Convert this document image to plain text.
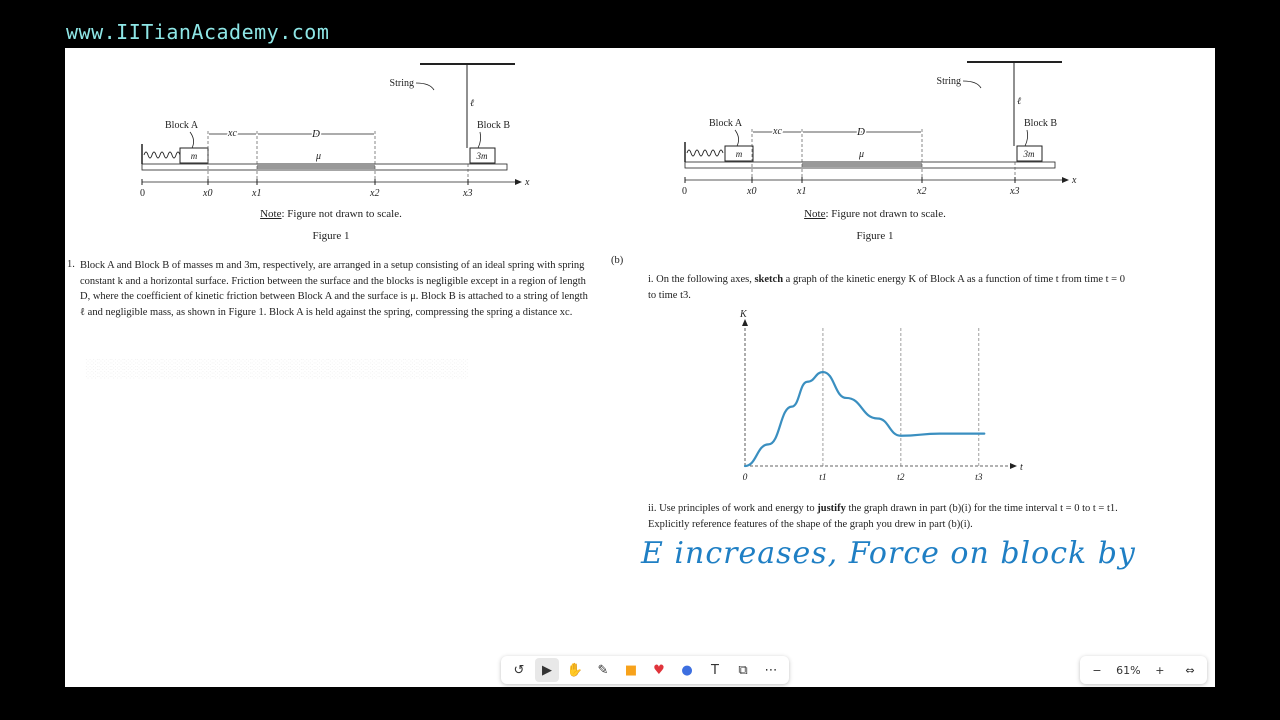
www.IITianAcademy.com
░░░░░░░░░░░░░░░░░░░░░░░░░░░░░░
String
ℓ
Block B
3m
Block A
m	μ
xc	D
x
0	x0	x1	x2	x3
Note: Figure not drawn to scale.
Figure 1
1. Block A and Block B of masses m and 3m, respectively, are arranged in a setup consisting of an ideal spring with spring constant k and a horizontal surface. Friction between the surface and the blocks is negligible except in a region of length D, where the coefficient of kinetic friction between Block A and the surface is μ. Block B is attached to a string of length ℓ and negligible mass, as shown in Figure 1. Block A is held against the spring, compressing the spring a distance xc.
String
ℓ
Block B
3m
Block A
m	μ
xc	D
x
0	x0	x1	x2	x3
Note: Figure not drawn to scale.
Figure 1
(b)
i. On the following axes, sketch a graph of the kinetic energy K of Block A as a function of time t from time t = 0 to time t3.
K
t
0	t1	t2	t3
ii. Use principles of work and energy to justify the graph drawn in part (b)(i) for the time interval t = 0 to t = t1. Explicitly reference features of the shape of the graph you drew in part (b)(i).
E increases, Force on block by
↺	▶	✋	✎	■	♥	●	T	⧉	⋯	−	61%	+	⇔
